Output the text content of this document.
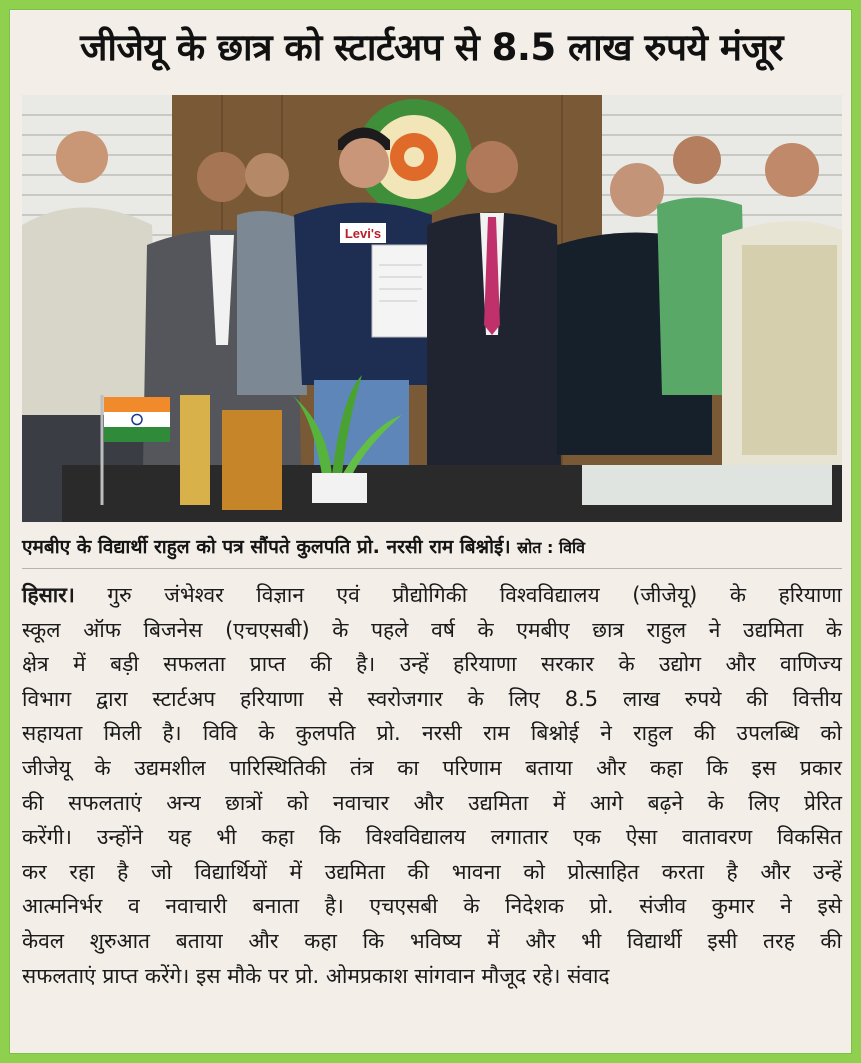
जीजेयू के छात्र को स्टार्टअप से 8.5 लाख रुपये मंजूर
Levi's
एमबीए के विद्यार्थी राहुल को पत्र सौंपते कुलपति प्रो. नरसी राम बिश्नोई। स्रोत : विवि
हिसार। गुरु जंभेश्वर विज्ञान एवं प्रौद्योगिकी विश्वविद्यालय (जीजेयू) के हरियाणा
स्कूल ऑफ बिजनेस (एचएसबी) के पहले वर्ष के एमबीए छात्र राहुल ने उद्यमिता के
क्षेत्र में बड़ी सफलता प्राप्त की है। उन्हें हरियाणा सरकार के उद्योग और वाणिज्य
विभाग द्वारा स्टार्टअप हरियाणा से स्वरोजगार के लिए 8.5 लाख रुपये की वित्तीय
सहायता मिली है। विवि के कुलपति प्रो. नरसी राम बिश्नोई ने राहुल की उपलब्धि को
जीजेयू के उद्यमशील पारिस्थितिकी तंत्र का परिणाम बताया और कहा कि इस प्रकार
की सफलताएं अन्य छात्रों को नवाचार और उद्यमिता में आगे बढ़ने के लिए प्रेरित
करेंगी। उन्होंने यह भी कहा कि विश्वविद्यालय लगातार एक ऐसा वातावरण विकसित
कर रहा है जो विद्यार्थियों में उद्यमिता की भावना को प्रोत्साहित करता है और उन्हें
आत्मनिर्भर व नवाचारी बनाता है। एचएसबी के निदेशक प्रो. संजीव कुमार ने इसे
केवल शुरुआत बताया और कहा कि भविष्य में और भी विद्यार्थी इसी तरह की
सफलताएं प्राप्त करेंगे। इस मौके पर प्रो. ओमप्रकाश सांगवान मौजूद रहे। संवाद
